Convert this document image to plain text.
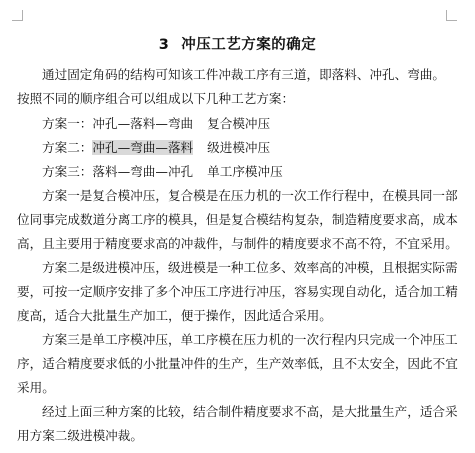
3 冲压工艺方案的确定
通过固定角码的结构可知该工件冲裁工序有三道，即落料、冲孔、弯曲。
按照不同的顺序组合可以组成以下几种工艺方案：
方案一：冲孔—落料—弯曲 复合模冲压
方案二：冲孔—弯曲—落料 级进模冲压
方案三：落料—弯曲—冲孔 单工序模冲压
方案一是复合模冲压，复合模是在压力机的一次工作行程中，在模具同一部
位同事完成数道分离工序的模具，但是复合模结构复杂，制造精度要求高，成本
高，且主要用于精度要求高的冲裁件，与制件的精度要求不高不符，不宜采用。
方案二是级进模冲压，级进模是一种工位多、效率高的冲模，且根据实际需
要，可按一定顺序安排了多个冲压工序进行冲压，容易实现自动化，适合加工精
度高，适合大批量生产加工，便于操作，因此适合采用。
方案三是单工序模冲压，单工序模在压力机的一次行程内只完成一个冲压工
序，适合精度要求低的小批量冲件的生产，生产效率低，且不太安全，因此不宜
采用。
经过上面三种方案的比较，结合制件精度要求不高，是大批量生产，适合采
用方案二级进模冲裁。
